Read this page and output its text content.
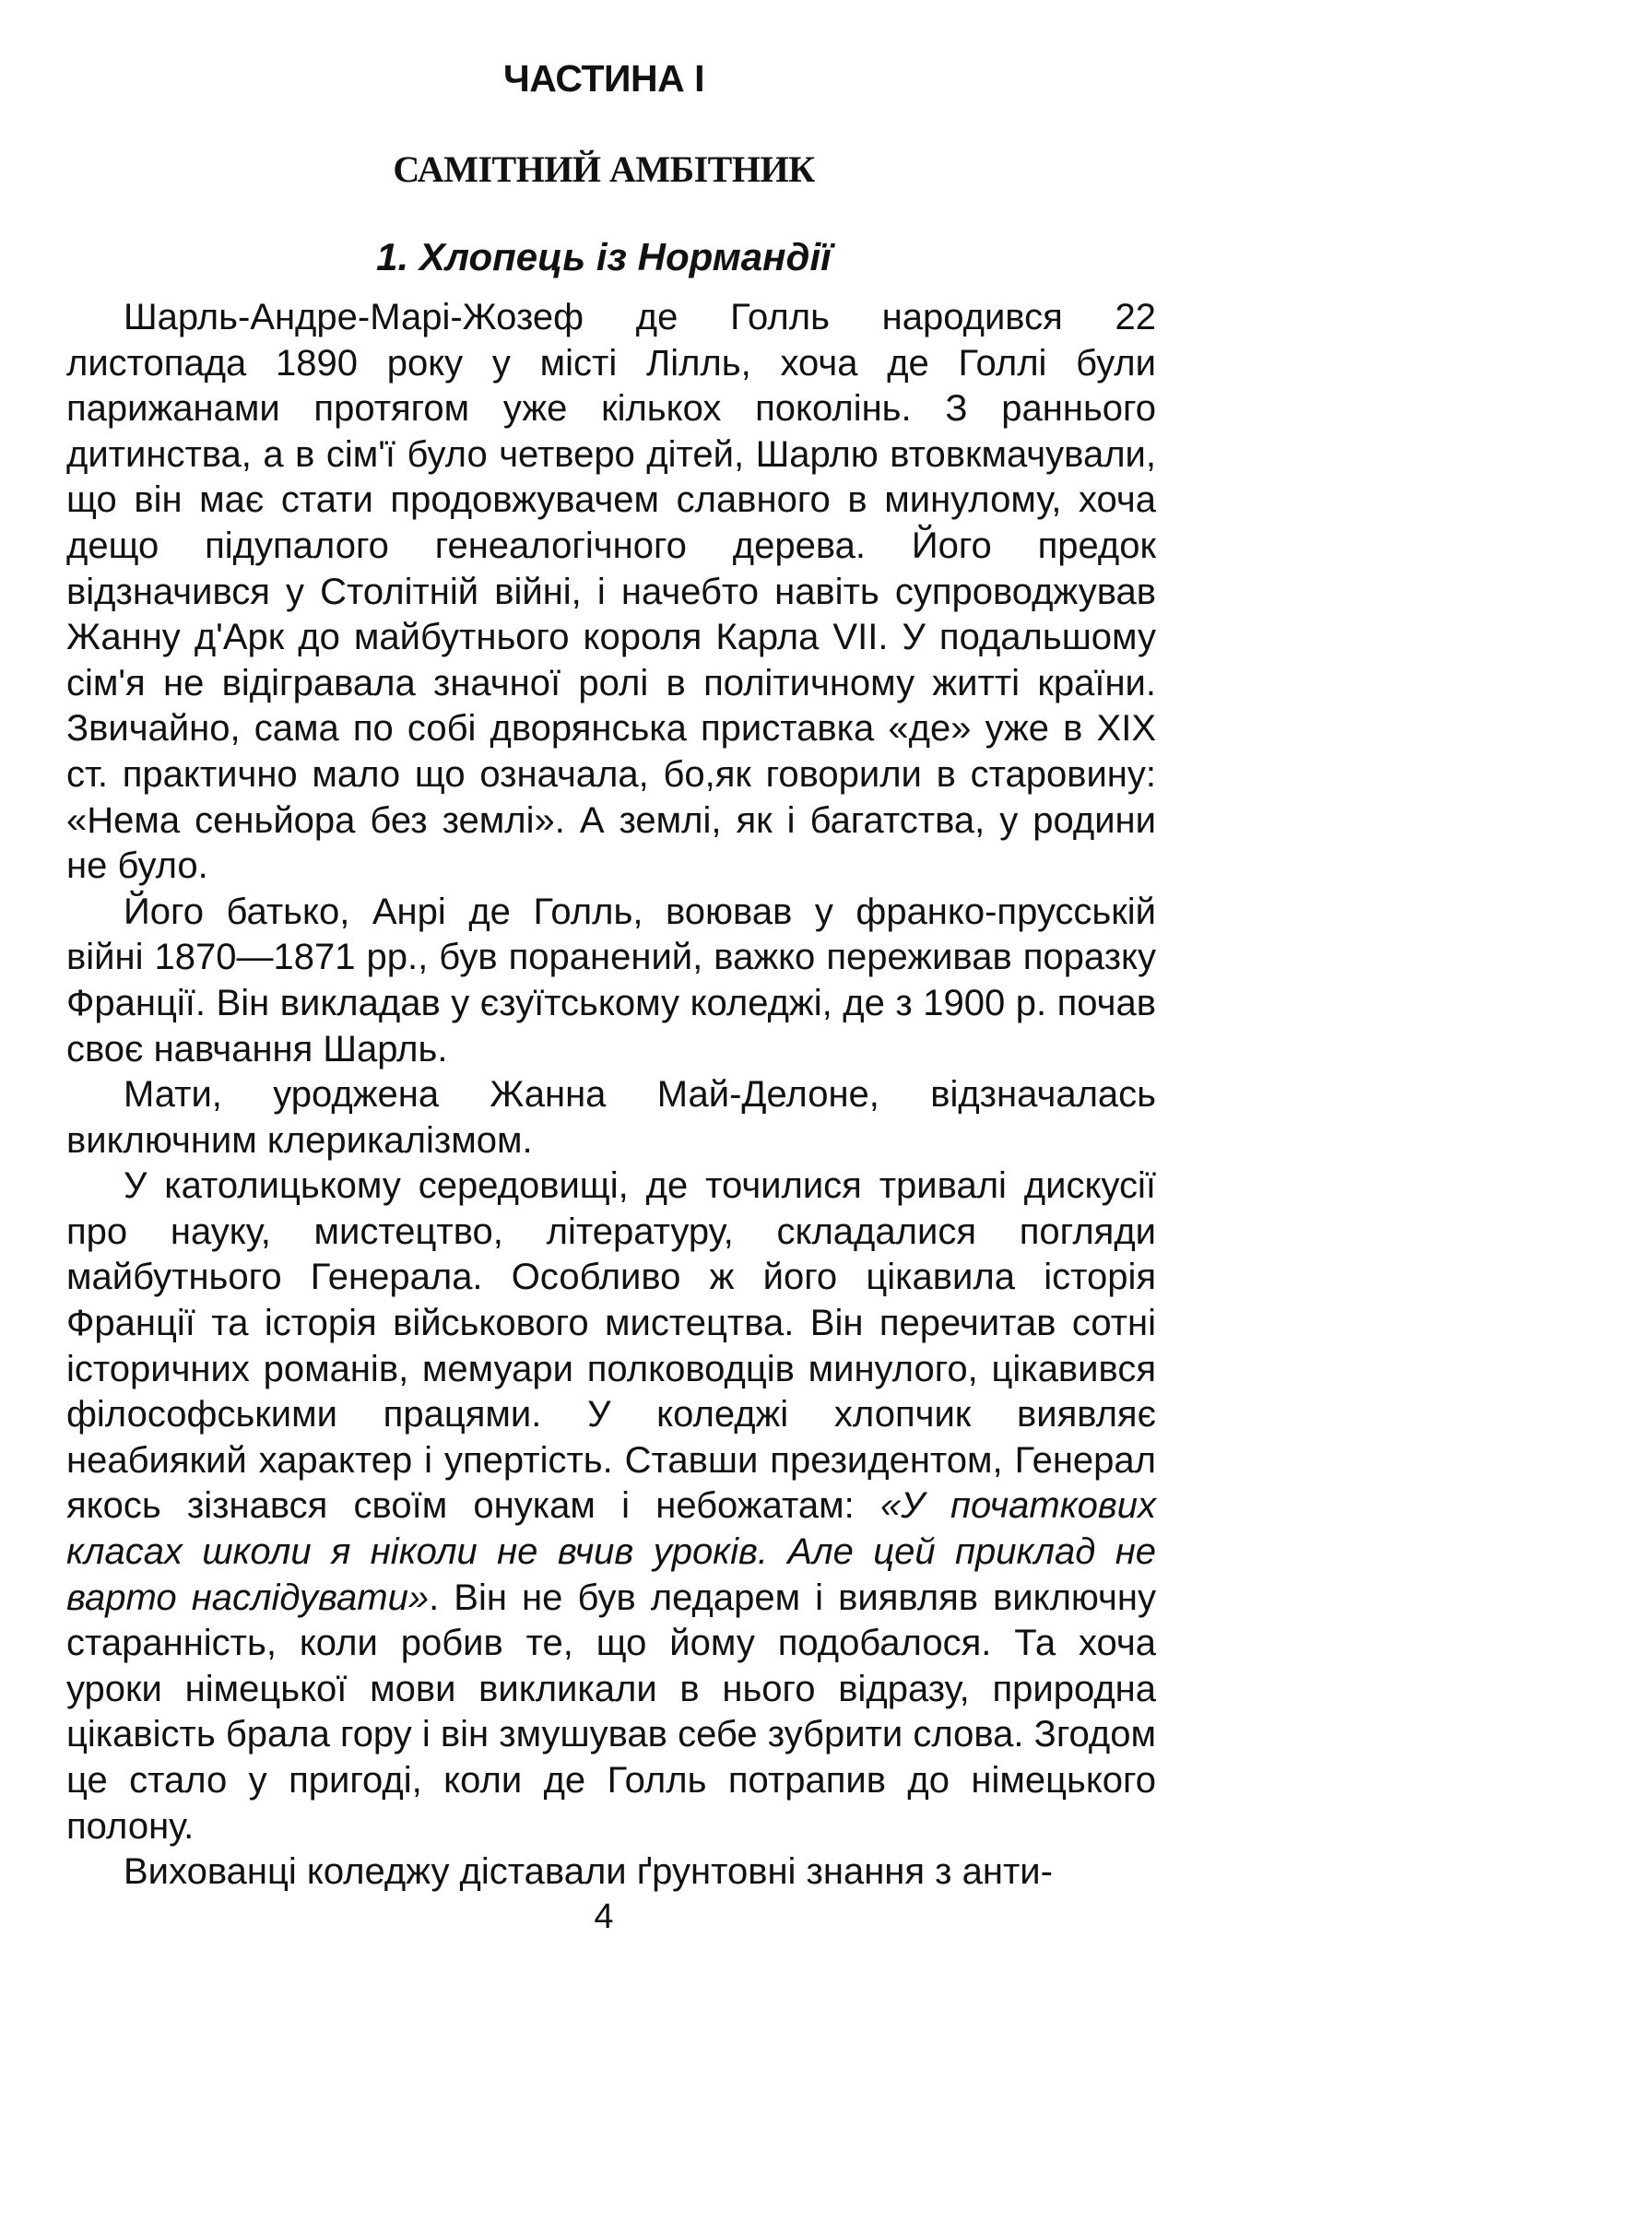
ЧАСТИНА І
САМІТНИЙ АМБІТНИК
1. Хлопець із Нормандії

Шарль-Андре-Марі-Жозеф де Голль народився 22 листопада 1890 року у місті Лілль, хоча де Голлі були парижанами протягом уже кількох поколінь. З раннього дитинства, а в сім'ї було четверо дітей, Шарлю втовкмачували, що він має стати продовжувачем славного в минулому, хоча дещо підупалого генеалогічного дерева. Його предок відзначився у Столітній війні, і начебто навіть супроводжував Жанну д'Арк до майбутнього короля Карла VII. У подальшому сім'я не відігравала значної ролі в політичному житті країни. Звичайно, сама по собі дворянська приставка «де» уже в XIX ст. практично мало що означала, бо,як говорили в старовину: «Нема сеньйора без землі». А землі, як і багатства, у родини не було.

Його батько, Анрі де Голль, воював у франко-прусській війні 1870—1871 рр., був поранений, важко переживав поразку Франції. Він викладав у єзуїтському коледжі, де з 1900 р. почав своє навчання Шарль.

Мати, уроджена Жанна Май-Делоне, відзначалась виключним клерикалізмом.

У католицькому середовищі, де точилися тривалі дискусії про науку, мистецтво, літературу, складалися погляди майбутнього Генерала. Особливо ж його цікавила історія Франції та історія військового мистецтва. Він перечитав сотні історичних романів, мемуари полководців минулого, цікавився філософськими працями. У коледжі хлопчик виявляє неабиякий характер і упертість. Ставши президентом, Генерал якось зізнався своїм онукам і небожатам: «У початкових класах школи я ніколи не вчив уроків. Але цей приклад не варто наслідувати». Він не був ледарем і виявляв виключну старанність, коли робив те, що йому подобалося. Та хоча уроки німецької мови викликали в нього відразу, природна цікавість брала гору і він змушував себе зубрити слова. Згодом це стало у пригоді, коли де Голль потрапив до німецького полону.

Вихованці коледжу діставали ґрунтовні знання з анти-

4
